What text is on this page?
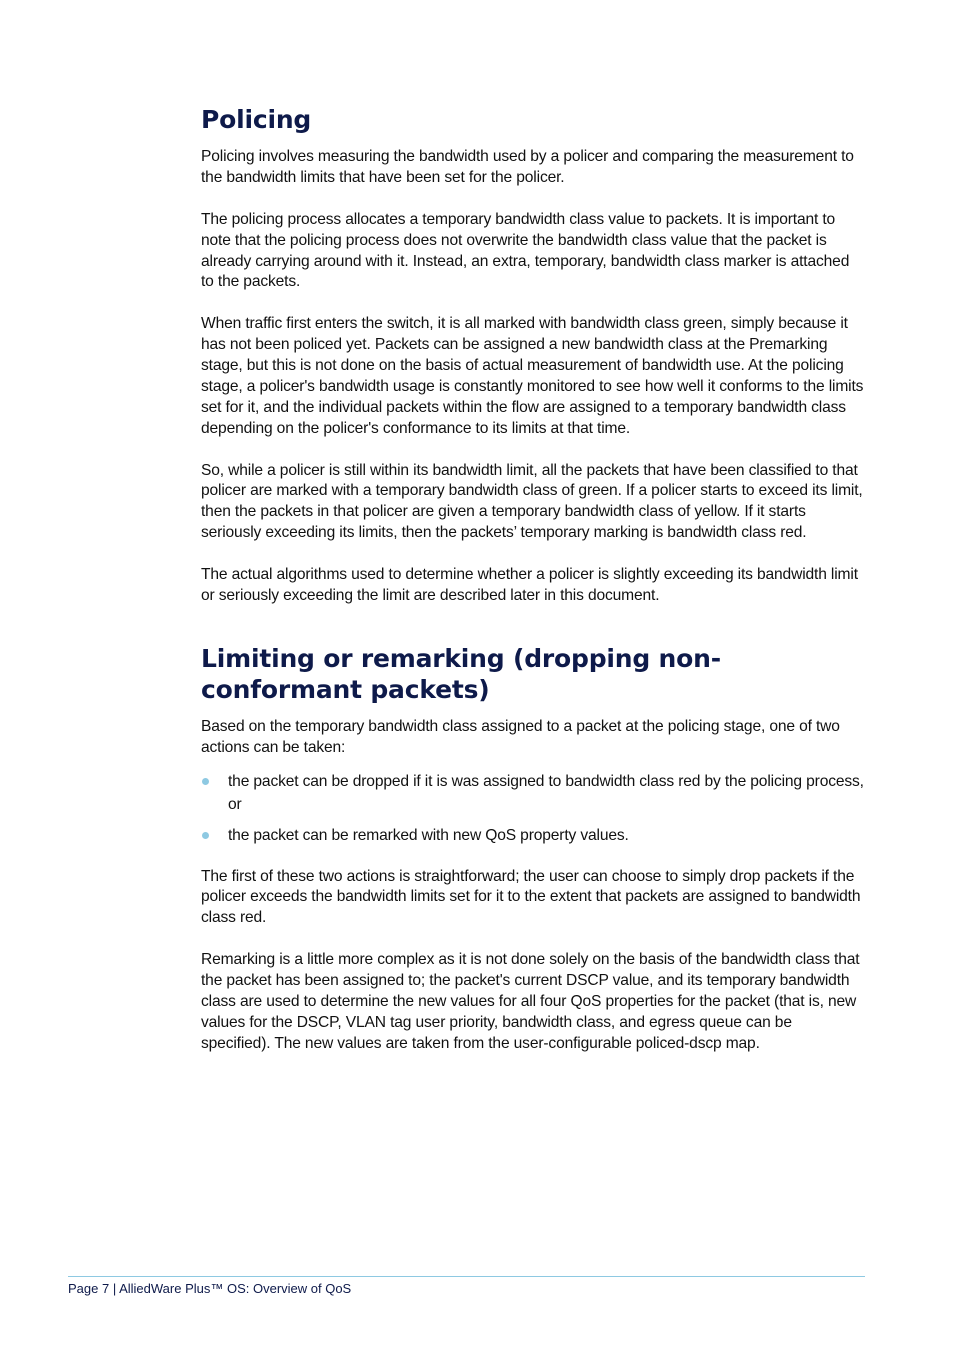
Policing

Policing involves measuring the bandwidth used by a policer and comparing the measurement to the bandwidth limits that have been set for the policer.

The policing process allocates a temporary bandwidth class value to packets. It is important to note that the policing process does not overwrite the bandwidth class value that the packet is already carrying around with it. Instead, an extra, temporary, bandwidth class marker is attached to the packets.

When traffic first enters the switch, it is all marked with bandwidth class green, simply because it has not been policed yet. Packets can be assigned a new bandwidth class at the Premarking stage, but this is not done on the basis of actual measurement of bandwidth use. At the policing stage, a policer's bandwidth usage is constantly monitored to see how well it conforms to the limits set for it, and the individual packets within the flow are assigned to a temporary bandwidth class depending on the policer's conformance to its limits at that time.

So, while a policer is still within its bandwidth limit, all the packets that have been classified to that policer are marked with a temporary bandwidth class of green. If a policer starts to exceed its limit, then the packets in that policer are given a temporary bandwidth class of yellow. If it starts seriously exceeding its limits, then the packets’ temporary marking is bandwidth class red.

The actual algorithms used to determine whether a policer is slightly exceeding its bandwidth limit or seriously exceeding the limit are described later in this document.

Limiting or remarking (dropping non-conformant packets)

Based on the temporary bandwidth class assigned to a packet at the policing stage, one of two actions can be taken:

the packet can be dropped if it is was assigned to bandwidth class red by the policing process, or
the packet can be remarked with new QoS property values.

The first of these two actions is straightforward; the user can choose to simply drop packets if the policer exceeds the bandwidth limits set for it to the extent that packets are assigned to bandwidth class red.

Remarking is a little more complex as it is not done solely on the basis of the bandwidth class that the packet has been assigned to; the packet's current DSCP value, and its temporary bandwidth class are used to determine the new values for all four QoS properties for the packet (that is, new values for the DSCP, VLAN tag user priority, bandwidth class, and egress queue can be specified). The new values are taken from the user-configurable policed-dscp map.

Page 7 | AlliedWare Plus™ OS: Overview of QoS
